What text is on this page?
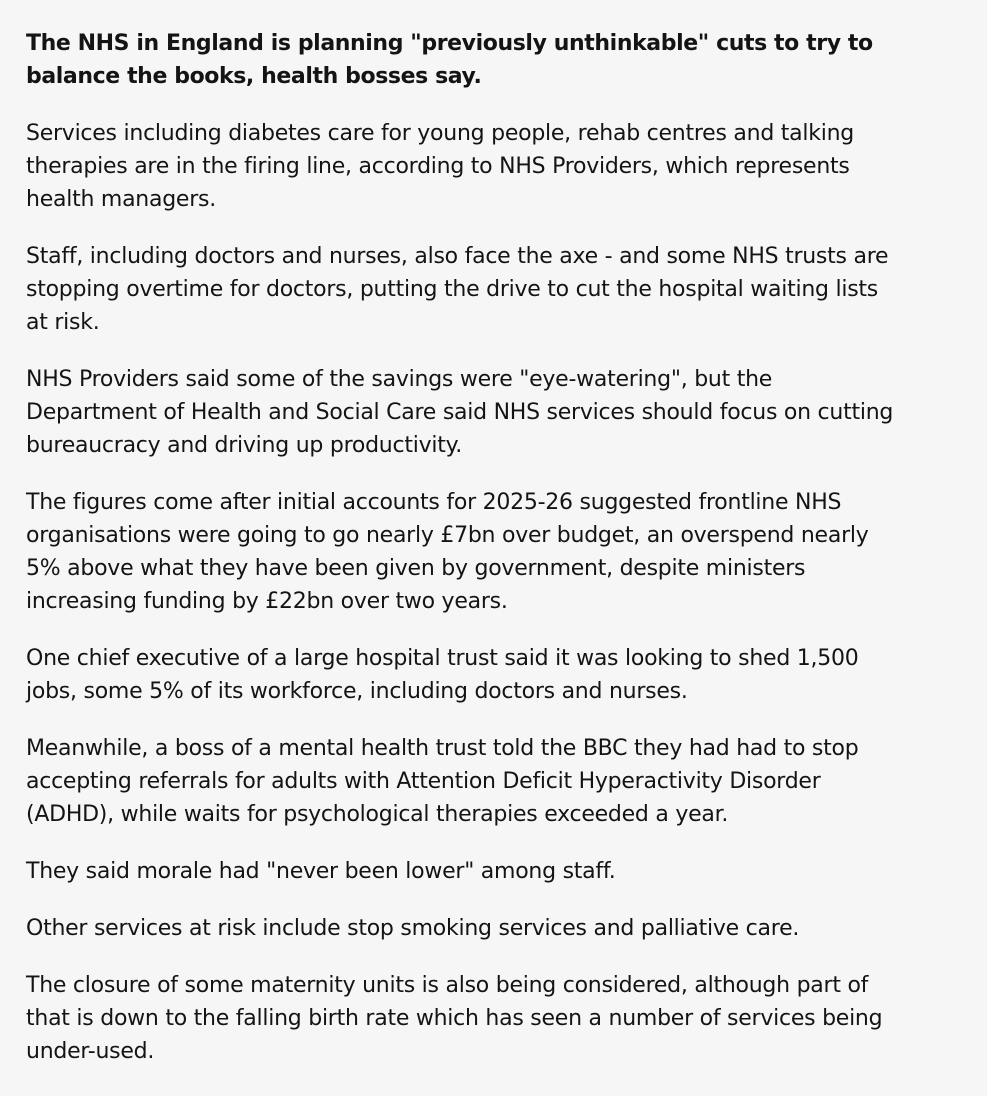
The NHS in England is planning "previously unthinkable" cuts to try to balance the books, health bosses say.

Services including diabetes care for young people, rehab centres and talking therapies are in the firing line, according to NHS Providers, which represents health managers.

Staff, including doctors and nurses, also face the axe - and some NHS trusts are stopping overtime for doctors, putting the drive to cut the hospital waiting lists at risk.

NHS Providers said some of the savings were "eye-watering", but the Department of Health and Social Care said NHS services should focus on cutting bureaucracy and driving up productivity.

The figures come after initial accounts for 2025-26 suggested frontline NHS organisations were going to go nearly £7bn over budget, an overspend nearly 5% above what they have been given by government, despite ministers increasing funding by £22bn over two years.

One chief executive of a large hospital trust said it was looking to shed 1,500 jobs, some 5% of its workforce, including doctors and nurses.

Meanwhile, a boss of a mental health trust told the BBC they had had to stop accepting referrals for adults with Attention Deficit Hyperactivity Disorder (ADHD), while waits for psychological therapies exceeded a year.

They said morale had "never been lower" among staff.

Other services at risk include stop smoking services and palliative care.

The closure of some maternity units is also being considered, although part of that is down to the falling birth rate which has seen a number of services being under-used.
